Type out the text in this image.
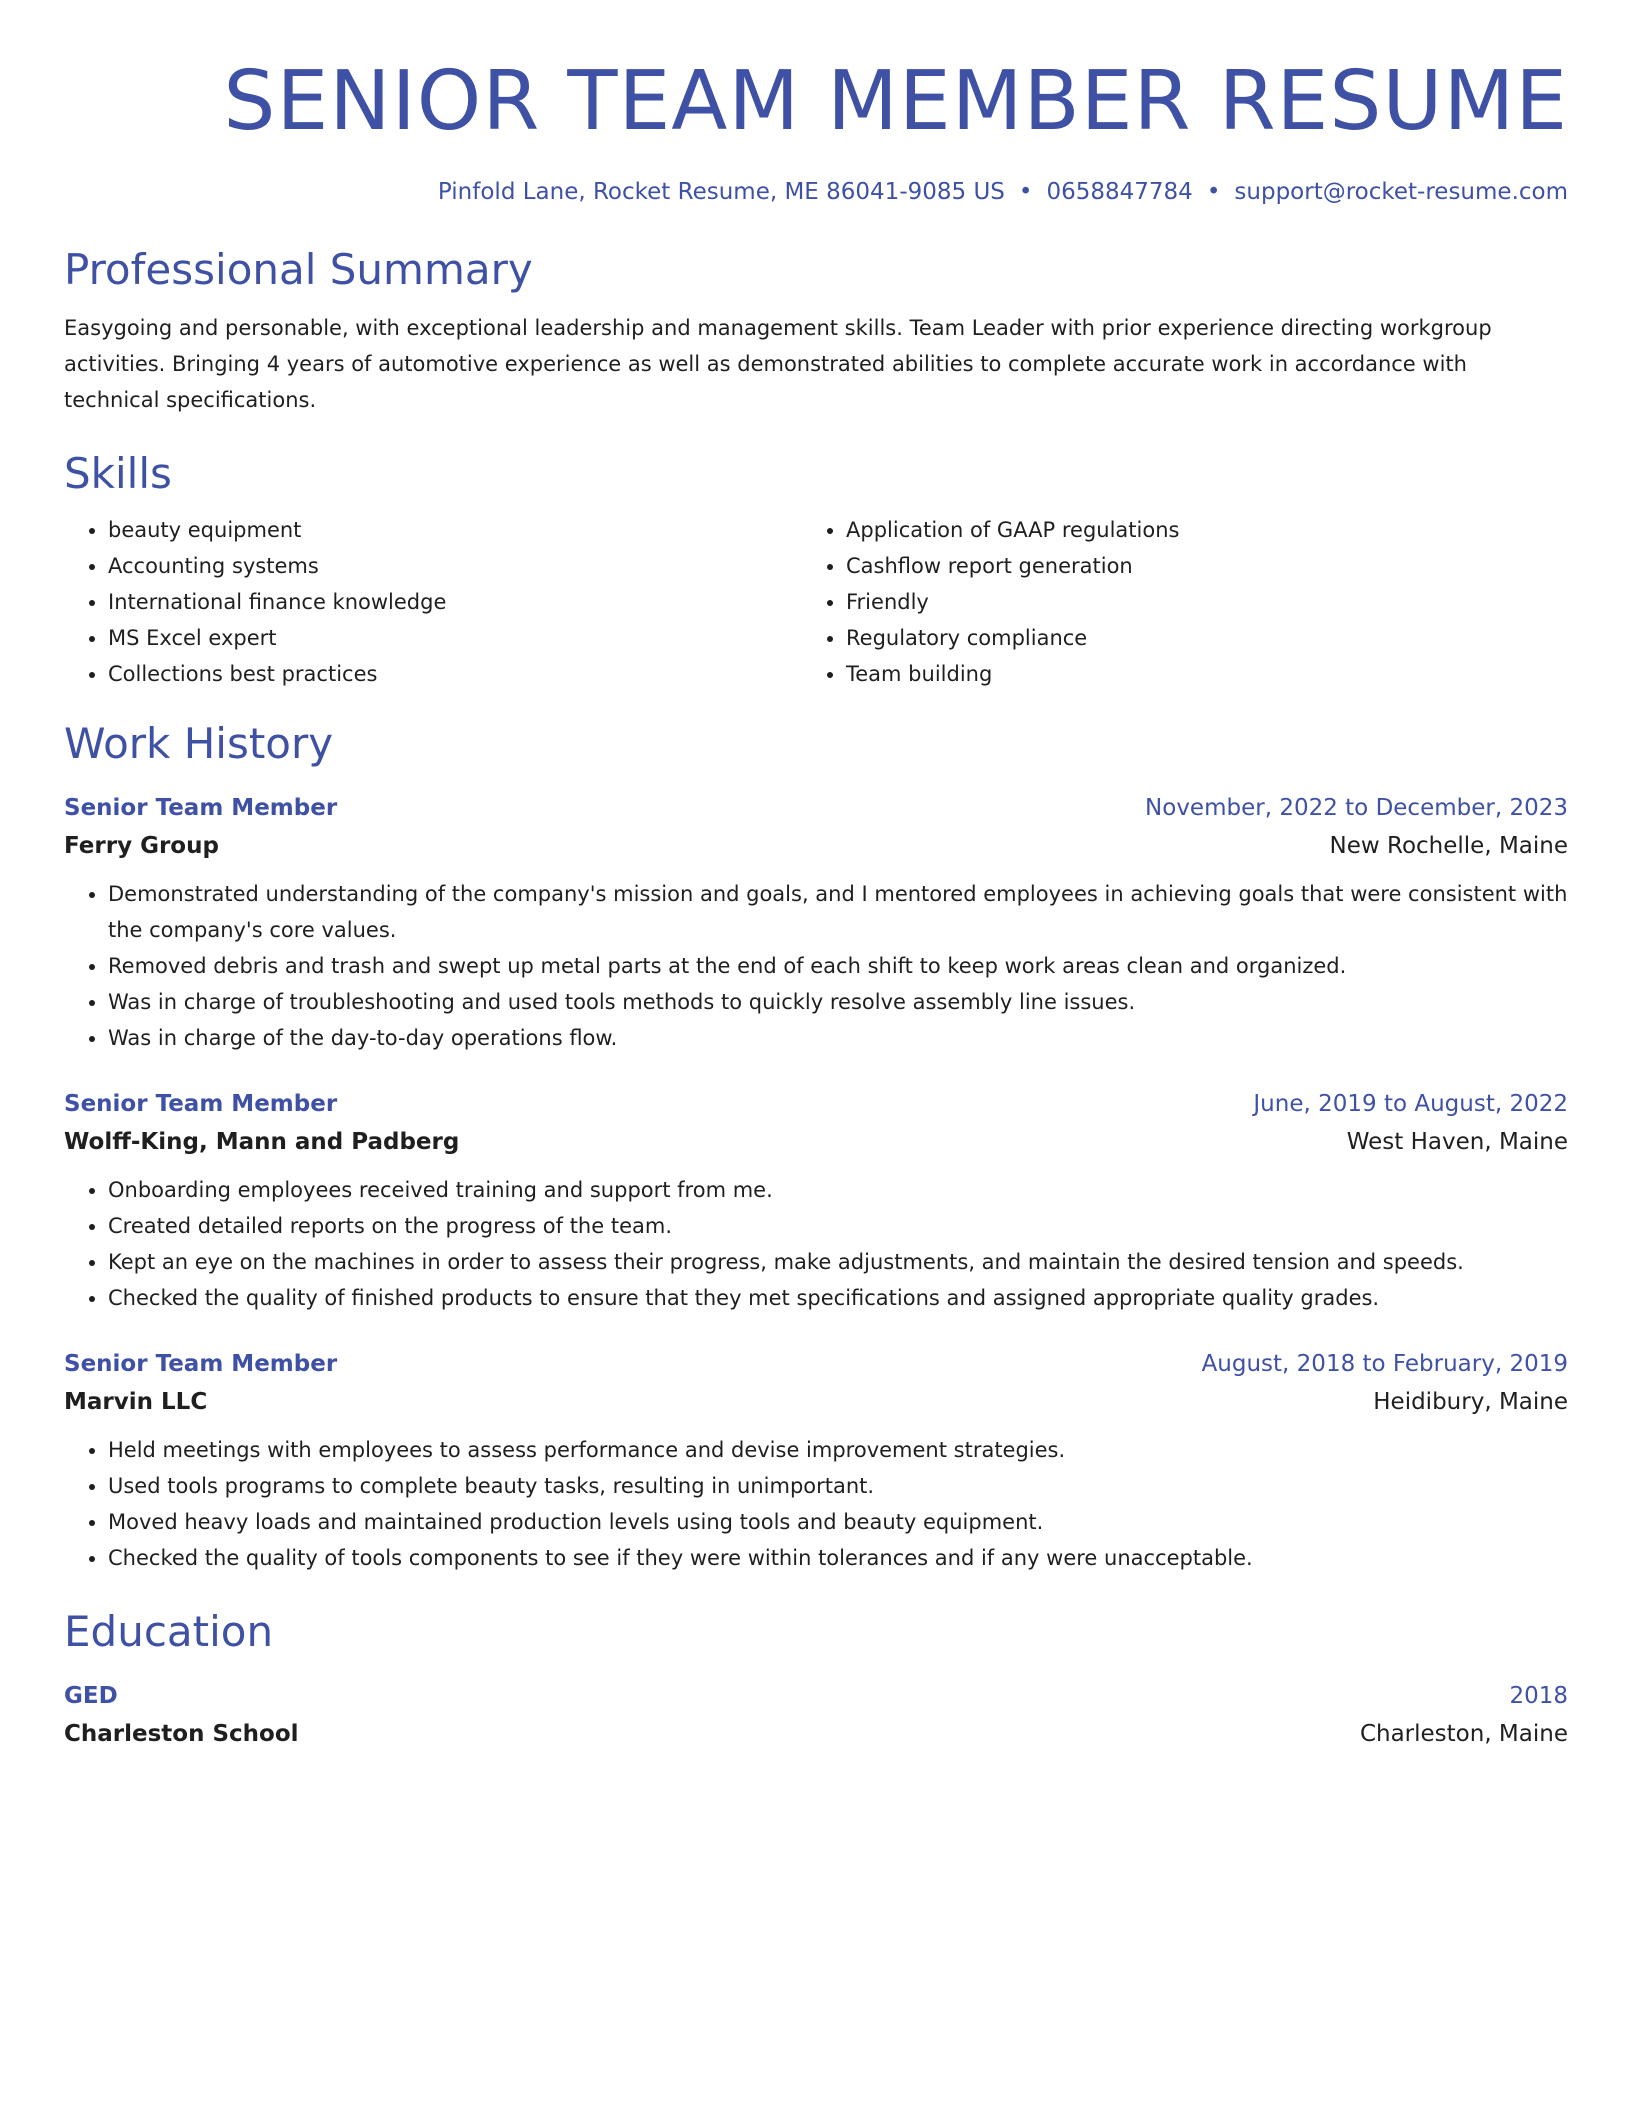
SENIOR TEAM MEMBER RESUME
Pinfold Lane, Rocket Resume, ME 86041-9085 US • 0658847784 • support@rocket-resume.com
Professional Summary
Easygoing and personable, with exceptional leadership and management skills. Team Leader with prior experience directing workgroup activities. Bringing 4 years of automotive experience as well as demonstrated abilities to complete accurate work in accordance with technical specifications.
Skills
• beauty equipment
• Accounting systems
• International finance knowledge
• MS Excel expert
• Collections best practices
• Application of GAAP regulations
• Cashflow report generation
• Friendly
• Regulatory compliance
• Team building
Work History
Senior Team Member	November, 2022 to December, 2023
Ferry Group	New Rochelle, Maine
• Demonstrated understanding of the company's mission and goals, and I mentored employees in achieving goals that were consistent with the company's core values.
• Removed debris and trash and swept up metal parts at the end of each shift to keep work areas clean and organized.
• Was in charge of troubleshooting and used tools methods to quickly resolve assembly line issues.
• Was in charge of the day-to-day operations flow.
Senior Team Member	June, 2019 to August, 2022
Wolff-King, Mann and Padberg	West Haven, Maine
• Onboarding employees received training and support from me.
• Created detailed reports on the progress of the team.
• Kept an eye on the machines in order to assess their progress, make adjustments, and maintain the desired tension and speeds.
• Checked the quality of finished products to ensure that they met specifications and assigned appropriate quality grades.
Senior Team Member	August, 2018 to February, 2019
Marvin LLC	Heidibury, Maine
• Held meetings with employees to assess performance and devise improvement strategies.
• Used tools programs to complete beauty tasks, resulting in unimportant.
• Moved heavy loads and maintained production levels using tools and beauty equipment.
• Checked the quality of tools components to see if they were within tolerances and if any were unacceptable.
Education
GED	2018
Charleston School	Charleston, Maine
